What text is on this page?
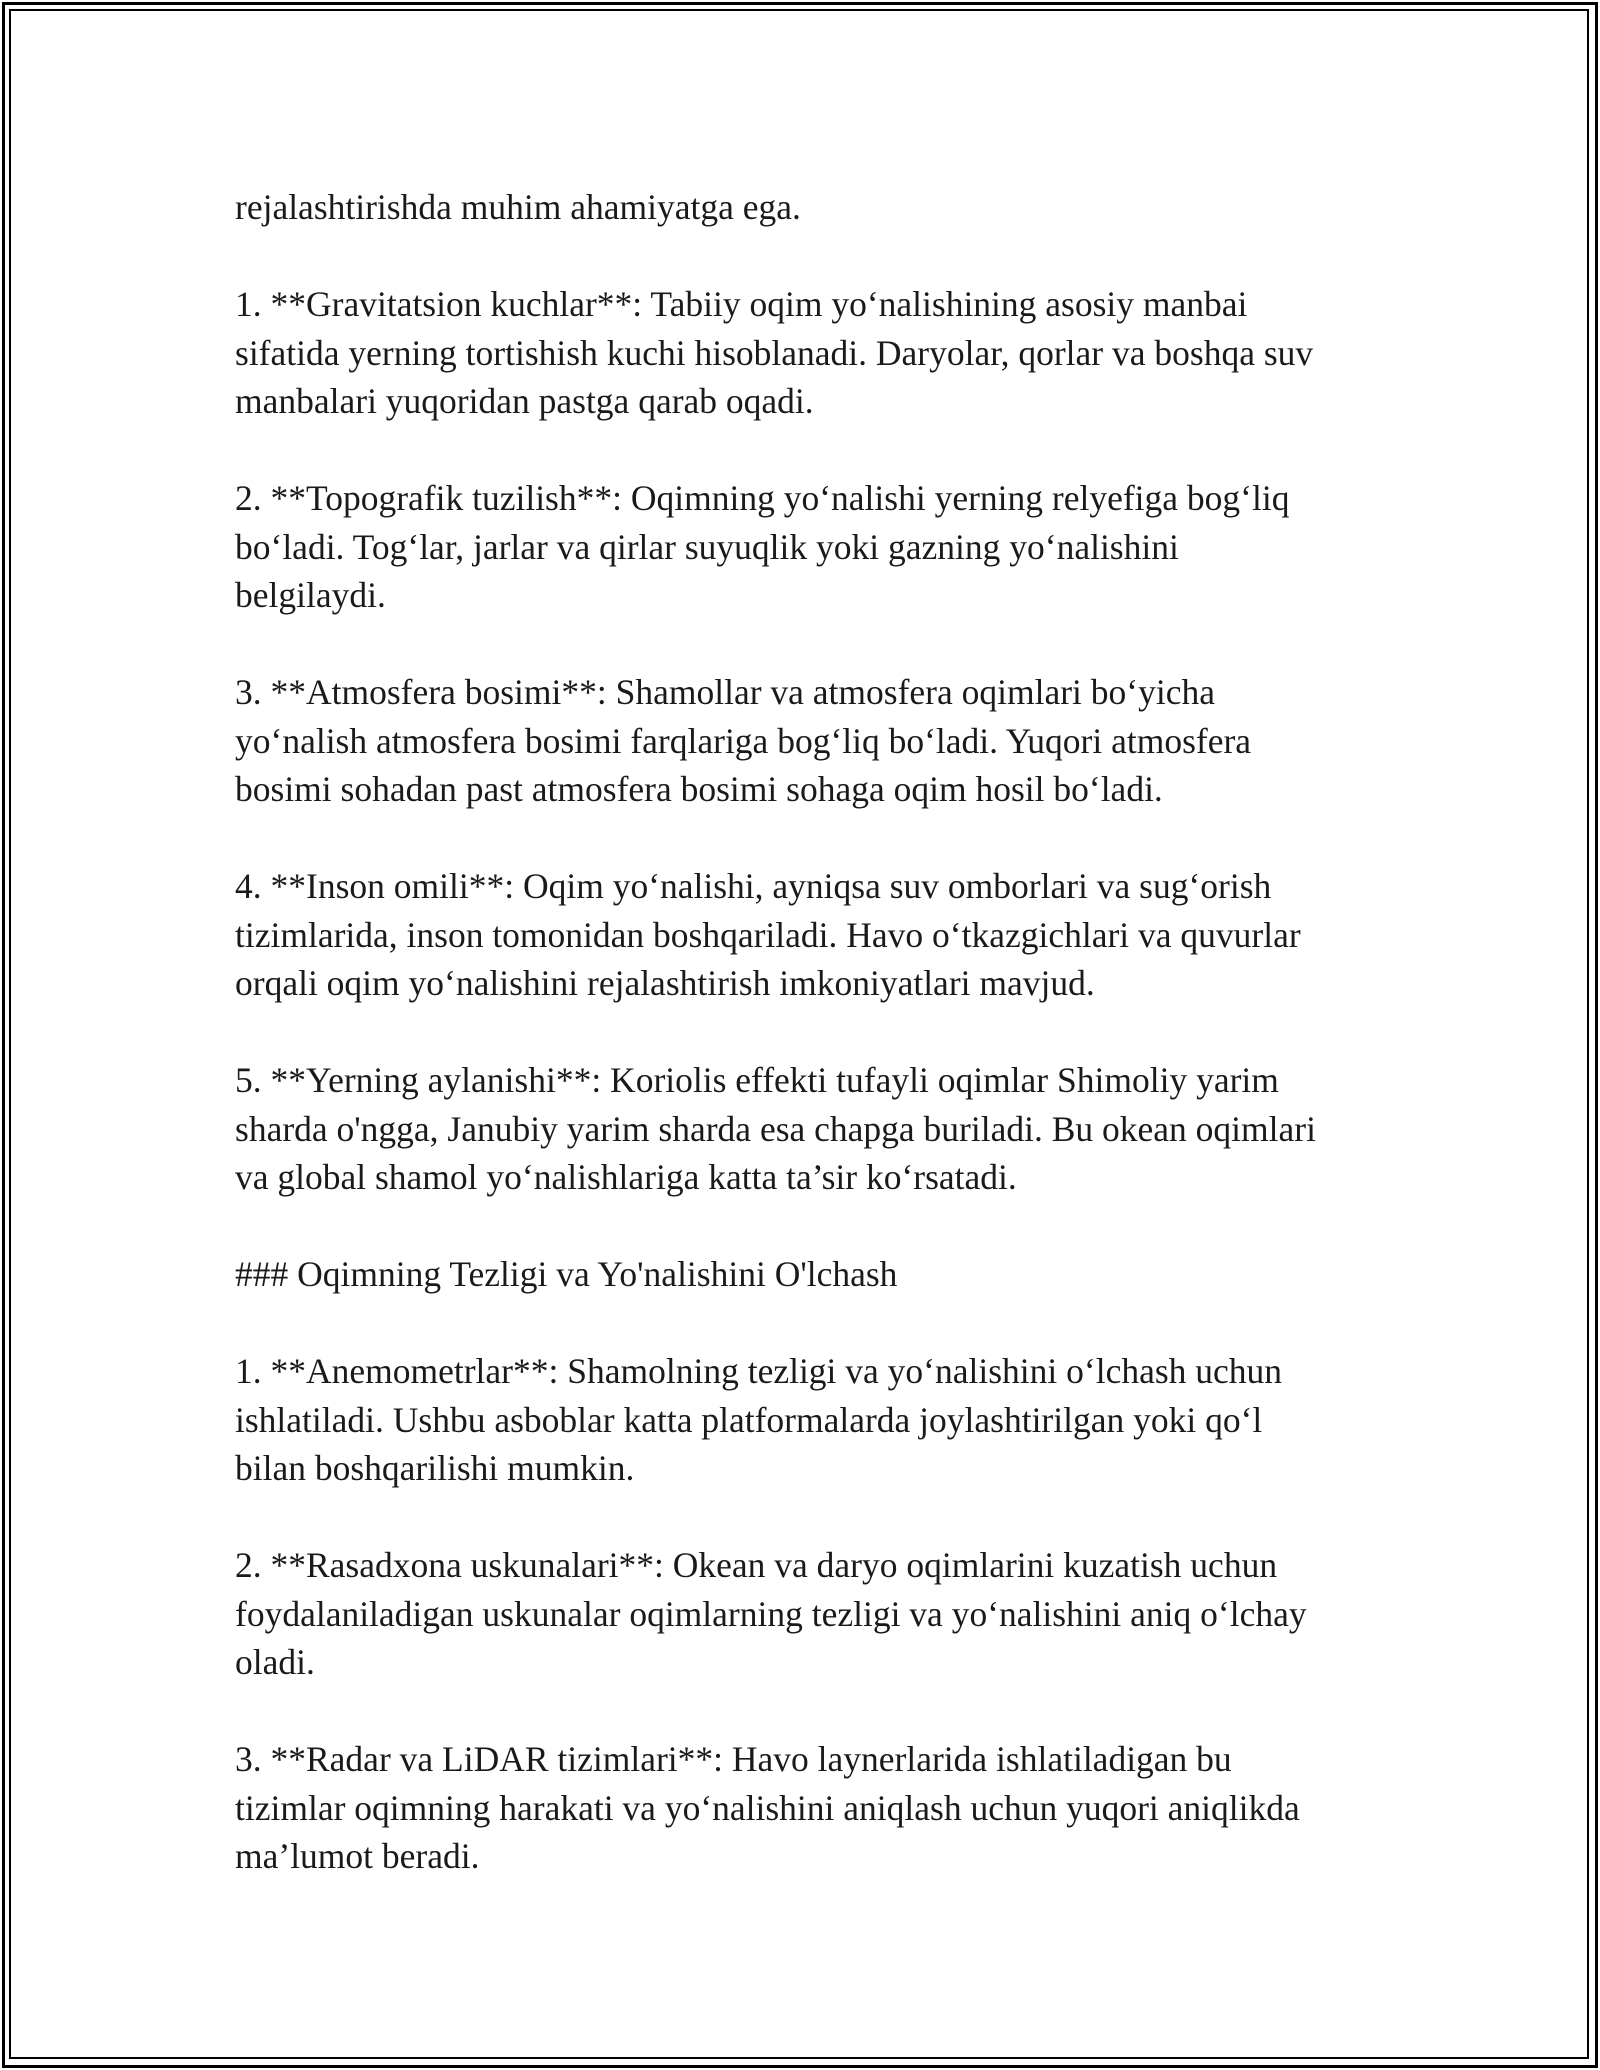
rejalashtirishda muhim ahamiyatga ega.

1. **Gravitatsion kuchlar**: Tabiiy oqim yo‘nalishining asosiy manbai
sifatida yerning tortishish kuchi hisoblanadi. Daryolar, qorlar va boshqa suv
manbalari yuqoridan pastga qarab oqadi.

2. **Topografik tuzilish**: Oqimning yo‘nalishi yerning relyefiga bog‘liq
bo‘ladi. Tog‘lar, jarlar va qirlar suyuqlik yoki gazning yo‘nalishini
belgilaydi.

3. **Atmosfera bosimi**: Shamollar va atmosfera oqimlari bo‘yicha
yo‘nalish atmosfera bosimi farqlariga bog‘liq bo‘ladi. Yuqori atmosfera
bosimi sohadan past atmosfera bosimi sohaga oqim hosil bo‘ladi.

4. **Inson omili**: Oqim yo‘nalishi, ayniqsa suv omborlari va sug‘orish
tizimlarida, inson tomonidan boshqariladi. Havo o‘tkazgichlari va quvurlar
orqali oqim yo‘nalishini rejalashtirish imkoniyatlari mavjud.

5. **Yerning aylanishi**: Koriolis effekti tufayli oqimlar Shimoliy yarim
sharda o'ngga, Janubiy yarim sharda esa chapga buriladi. Bu okean oqimlari
va global shamol yo‘nalishlariga katta ta’sir ko‘rsatadi.

### Oqimning Tezligi va Yo'nalishini O'lchash

1. **Anemometrlar**: Shamolning tezligi va yo‘nalishini o‘lchash uchun
ishlatiladi. Ushbu asboblar katta platformalarda joylashtirilgan yoki qo‘l
bilan boshqarilishi mumkin.

2. **Rasadxona uskunalari**: Okean va daryo oqimlarini kuzatish uchun
foydalaniladigan uskunalar oqimlarning tezligi va yo‘nalishini aniq o‘lchay
oladi.

3. **Radar va LiDAR tizimlari**: Havo laynerlarida ishlatiladigan bu
tizimlar oqimning harakati va yo‘nalishini aniqlash uchun yuqori aniqlikda
ma’lumot beradi.
